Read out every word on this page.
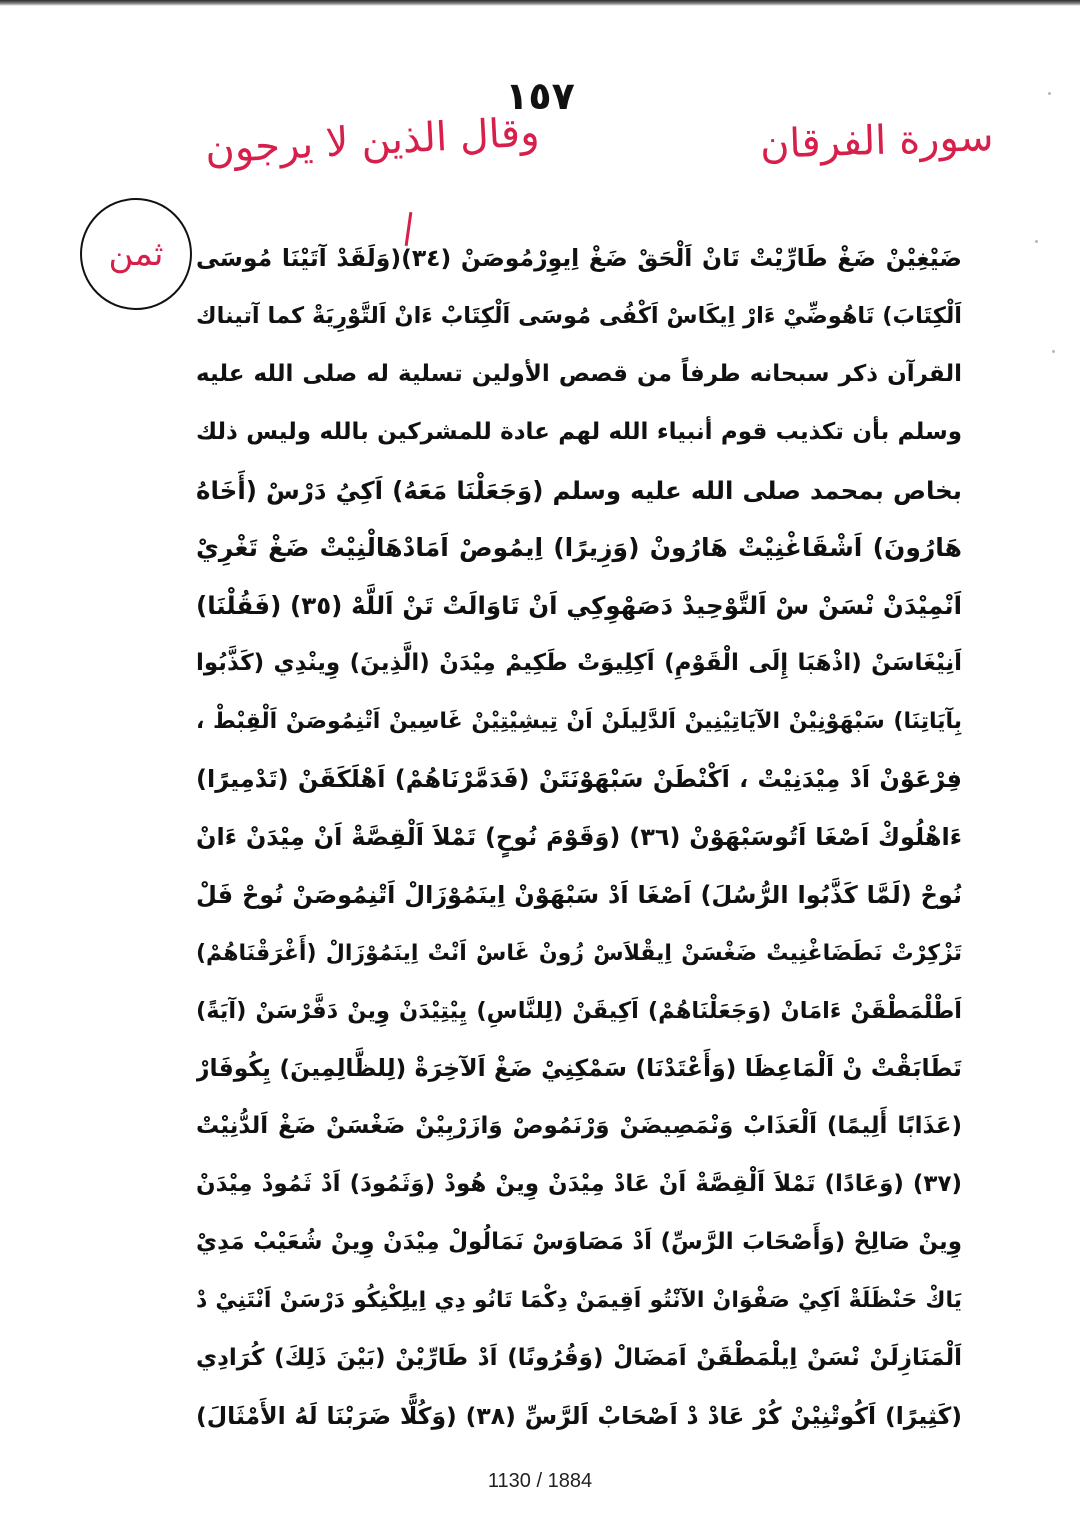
١٥٧
سورة الفرقان
وقال الذين لا يرجون
ثمن ضَيْغِيْنْ ضَغْ طَارِّيْتْ تَانْ اَلْحَقْ ضَغْ اِيوِرْمُوصَنْ (٣٤)(وَلَقَدْ آتَيْنَا مُوسَى
اَلْكِتَابَ) تَاهُوضِّيْ ءَارْ اِيكَاسْ اَكْفُى مُوسَى اَلْكِتَابْ ءَانْ اَلتَّوْرِيَةْ كما آتيناك
القرآن ذكر سبحانه طرفاً من قصص الأولين تسلية له صلى الله عليه
وسلم بأن تكذيب قوم أنبياء الله لهم عادة للمشركين بالله وليس ذلك
بخاص بمحمد صلى الله عليه وسلم (وَجَعَلْنَا مَعَهُ) اَكِيُ دَرْسْ (أَخَاهُ
هَارُونَ) اَشْقَاغْنِيْتْ هَارُونْ (وَزِيرًا) اِيمُوصْ اَمَادْهَالْنِيْتْ ضَغْ تَغْرِيْ
اَنْمِيْدَنْ نْسَنْ سْ اَلتَّوْحِيدْ دَصَهْوِكِي اَنْ تَاوَالَتْ تَنْ اَللَّهْ (٣٥) (فَقُلْنَا)
اَنِيْغَاسَنْ (اذْهَبَا إِلَى الْقَوْمِ) اَكِلِيوَتْ طَكِيمْ مِيْدَنْ (الَّذِينَ) وِينْدِي (كَذَّبُوا
بِآيَاتِنَا) سَبْهَوْنِيْنْ الآيَاتِيْنِينْ اَلدَّلِيلَنْ اَنْ تِيشِيْتِيْنْ غَاسِينْ اَتْنِمُوصَنْ اَلْقِبْطْ ،
فِرْعَوْنْ اَدْ مِيْدَنِيْتْ ، اَكْنْطَنْ سَبْهَوْنَتَنْ (فَدَمَّرْنَاهُمْ) اَهْلَكَقَنْ (تَدْمِيرًا)
ءَاهْلُوكْ اَصْغَا اَتُوسَبْهَوْنْ (٣٦) (وَقَوْمَ نُوحٍ) تَمْلاَ اَلْقِصَّةْ اَنْ مِيْدَنْ ءَانْ
نُوحْ (لَمَّا كَذَّبُوا الرُّسُلَ) اَصْغَا اَدْ سَبْهَوْنْ اِينَمُوْزَالْ اَتْنِمُوصَنْ نُوحْ فَلْ
تَزْكِرْتْ نَطَضَاغْنِيتْ ضَغْسَنْ اِيقْلاَسْ زُونْ غَاسْ اَنْتْ اِينَمُوْزَالْ (أَغْرَقْنَاهُمْ)
اَطْلْمَطْقَنْ ءَامَانْ (وَجَعَلْنَاهُمْ) اَكِيقَنْ (لِلنَّاسِ) يِيْتِيْدَنْ وِينْ دَفَّرْسَنْ (آيَةً)
تَطَابَقْتْ نْ اَلْمَاعِظَا (وَأَعْتَدْنَا) سَمْكِنِيْ ضَغْ اَلآخِرَةْ (لِلظَّالِمِينَ) يِكُوفَارْ
(عَذَابًا أَلِيمًا) اَلْعَذَابْ وَنْمَصِيضَنْ وَرْنَمُوصْ وَازَرْبِيْنْ ضَغْسَنْ ضَغْ اَلدُّنِيْتْ
(٣٧) (وَعَادًا) تَمْلاَ اَلْقِصَّةْ اَنْ عَادْ مِيْدَنْ وِينْ هُودْ (وَثَمُودَ) اَدْ ثَمُودْ مِيْدَنْ
وِينْ صَالِحْ (وَأَصْحَابَ الرَّسِّ) اَدْ مَصَاوَسْ نَمَالُولْ مِيْدَنْ وِينْ شُعَيْبْ مَدِيْ
يَاكْ حَنْظَلَةْ اَكِيْ صَفْوَانْ الآنْتُو اَقِيمَنْ دِكْمَا تَانُو دِي اِيلِكْنِكُو دَرْسَنْ اَنْتَنِيْ دْ
اَلْمَنَازِلَنْ نْسَنْ اِيلْمَطْقَنْ اَمَضَالْ (وَقُرُونًا) اَدْ طَارِّيْنْ (بَيْنَ ذَلِكَ) كُرَادِي
(كَثِيرًا) اَكُوتْنِيْنْ كُرْ عَادْ دْ اَصْحَابْ اَلرَّسِّ (٣٨) (وَكُلًّا ضَرَبْنَا لَهُ الأَمْثَالَ)
1130 / 1884
